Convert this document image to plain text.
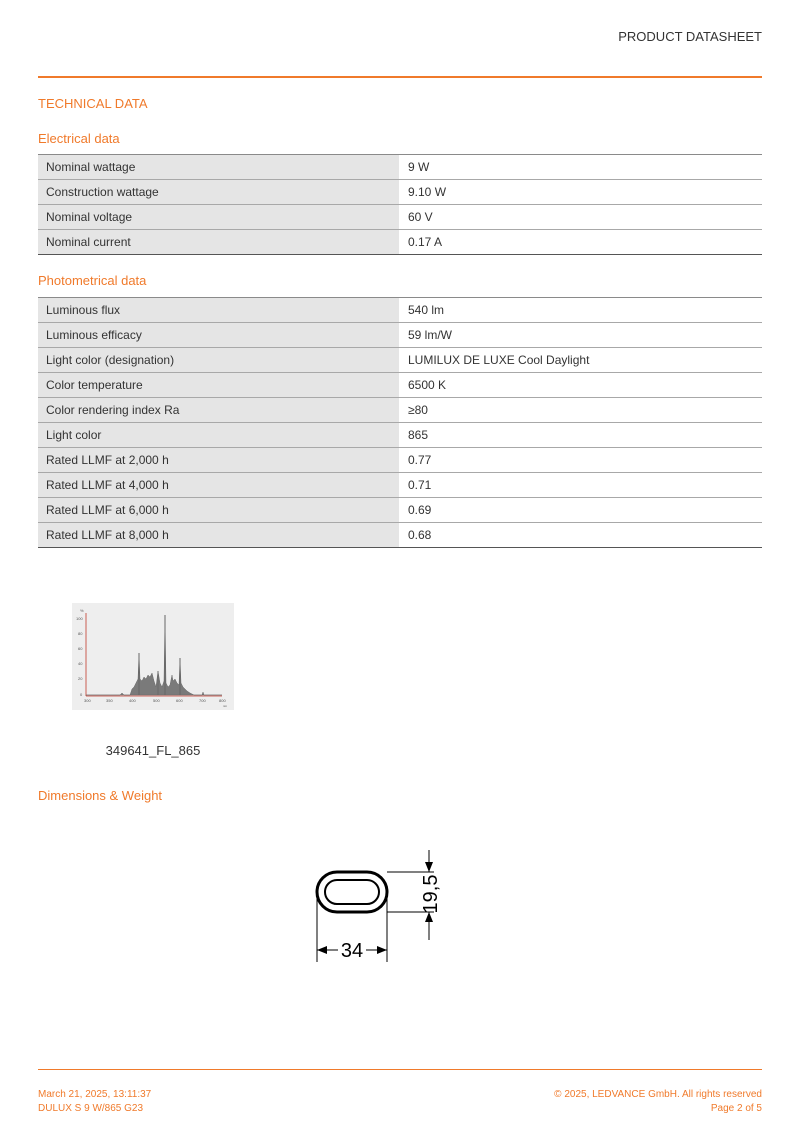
PRODUCT DATASHEET
TECHNICAL DATA
Electrical data
Nominal wattage	9 W
Construction wattage	9.10 W
Nominal voltage	60 V
Nominal current	0.17 A
Photometrical data
Luminous flux	540 lm
Luminous efficacy	59 lm/W
Light color (designation)	LUMILUX DE LUXE Cool Daylight
Color temperature	6500 K
Color rendering index Ra	≥80
Light color	865
Rated LLMF at 2,000 h	0.77
Rated LLMF at 4,000 h	0.71
Rated LLMF at 6,000 h	0.69
Rated LLMF at 8,000 h	0.68
%
100
80
60
40
20
0
300	350	400	500	600	700	800
nm
349641_FL_865
Dimensions & Weight
19,5
34
March 21, 2025, 13:11:37
DULUX S 9 W/865 G23
© 2025, LEDVANCE GmbH. All rights reserved
Page 2 of 5
